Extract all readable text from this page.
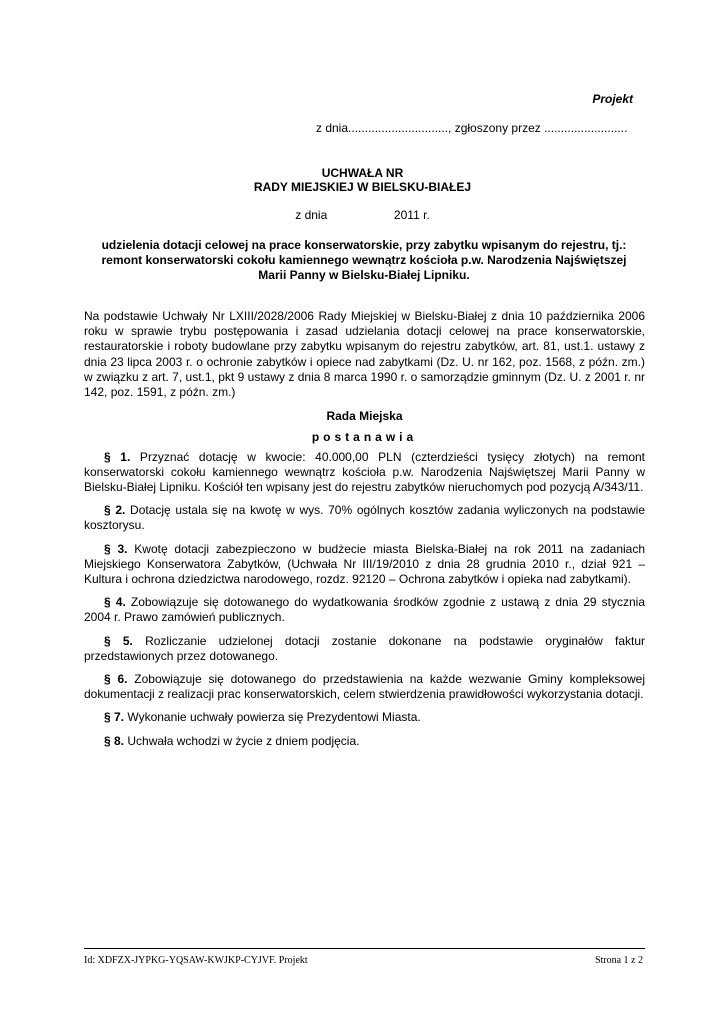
Projekt
z dnia.............................., zgłoszony przez .........................
UCHWAŁA NR
RADY MIEJSKIEJ W BIELSKU-BIAŁEJ
z dnia                    2011 r.
udzielenia dotacji celowej na prace konserwatorskie, przy zabytku wpisanym do rejestru, tj.: remont konserwatorski cokołu kamiennego wewnątrz kościoła p.w. Narodzenia Najświętszej Marii Panny w Bielsku-Białej Lipniku.

Na podstawie Uchwały Nr LXIII/2028/2006 Rady Miejskiej w Bielsku-Białej z dnia 10 października 2006 roku w sprawie trybu postępowania i zasad udzielania dotacji celowej na prace konserwatorskie, restauratorskie i roboty budowlane przy zabytku wpisanym do rejestru zabytków, art. 81, ust.1. ustawy z dnia 23 lipca 2003 r. o ochronie zabytków i opiece nad zabytkami (Dz. U. nr 162, poz. 1568, z późn. zm.) w związku z art. 7, ust.1, pkt 9 ustawy z dnia 8 marca 1990 r. o samorządzie gminnym (Dz. U. z 2001 r. nr 142, poz. 1591, z późn. zm.)

Rada Miejska

postanawia

§ 1. Przyznać dotację w kwocie: 40.000,00 PLN (czterdzieści tysięcy złotych) na remont konserwatorski cokołu kamiennego wewnątrz kościoła p.w. Narodzenia Najświętszej Marii Panny w Bielsku-Białej Lipniku. Kościół ten wpisany jest do rejestru zabytków nieruchomych pod pozycją A/343/11.

§ 2. Dotację ustala się na kwotę w wys. 70% ogólnych kosztów zadania wyliczonych na podstawie kosztorysu.

§ 3. Kwotę dotacji zabezpieczono w budżecie miasta Bielska-Białej na rok 2011 na zadaniach Miejskiego Konserwatora Zabytków, (Uchwała Nr III/19/2010 z dnia 28 grudnia 2010 r., dział 921 – Kultura i ochrona dziedzictwa narodowego, rozdz. 92120 – Ochrona zabytków i opieka nad zabytkami).

§ 4. Zobowiązuje się dotowanego do wydatkowania środków zgodnie z ustawą z dnia 29 stycznia 2004 r. Prawo zamówień publicznych.

§ 5. Rozliczanie udzielonej dotacji zostanie dokonane na podstawie oryginałów faktur przedstawionych przez dotowanego.

§ 6. Zobowiązuje się dotowanego do przedstawienia na każde wezwanie Gminy kompleksowej dokumentacji z realizacji prac konserwatorskich, celem stwierdzenia prawidłowości wykorzystania dotacji.

§ 7. Wykonanie uchwały powierza się Prezydentowi Miasta.

§ 8. Uchwała wchodzi w życie z dniem podjęcia.

Id: XDFZX-JYPKG-YQSAW-KWJKP-CYJVF. Projekt	Strona 1 z 2
